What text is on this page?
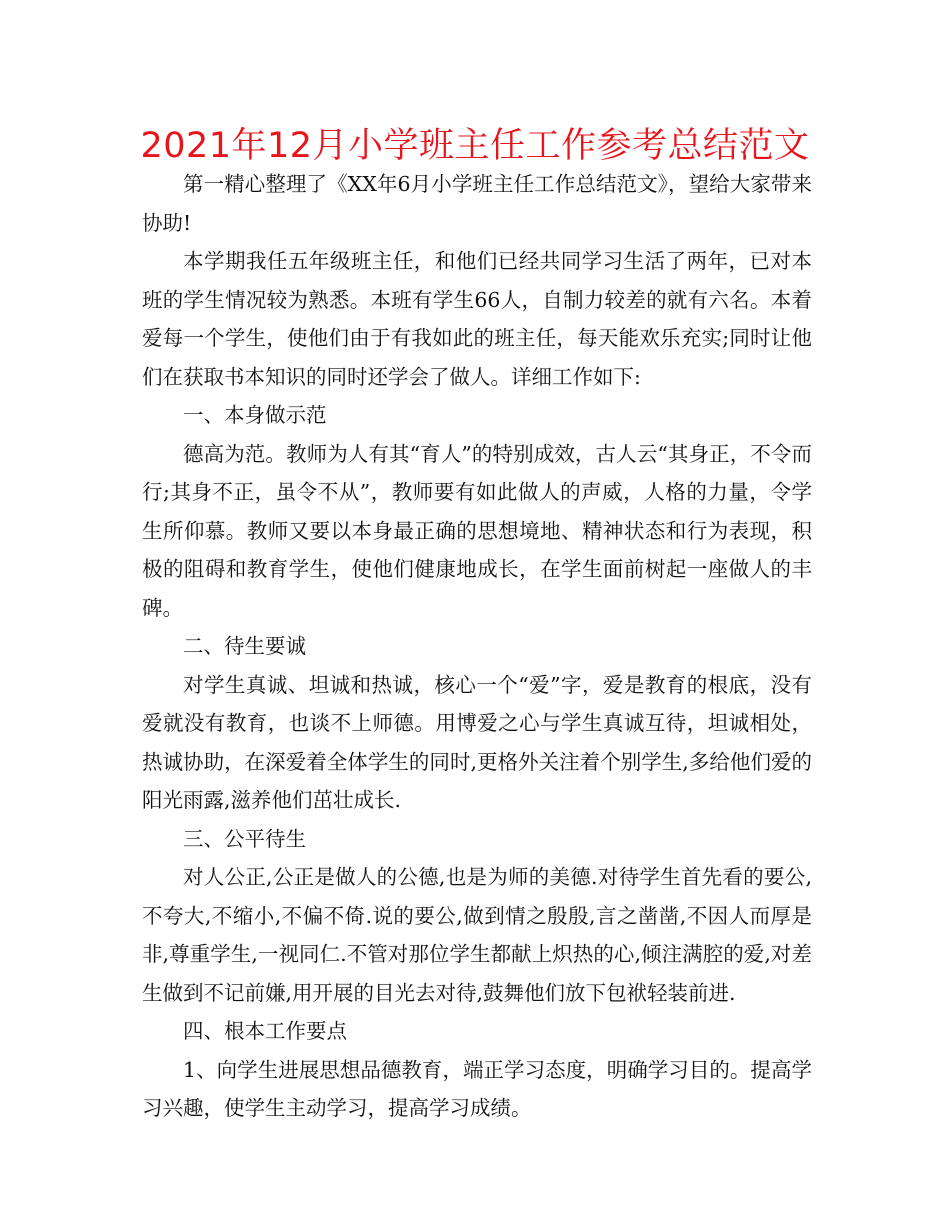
2021年12月小学班主任工作参考总结范文

第一精心整理了《XX年6月小学班主任工作总结范文》，望给大家带来协助!

本学期我任五年级班主任，和他们已经共同学习生活了两年，已对本班的学生情况较为熟悉。本班有学生66人，自制力较差的就有六名。本着爱每一个学生，使他们由于有我如此的班主任，每天能欢乐充实;同时让他们在获取书本知识的同时还学会了做人。详细工作如下:

一、本身做示范

德高为范。教师为人有其“育人”的特别成效，古人云“其身正，不令而行;其身不正，虽令不从”，教师要有如此做人的声威，人格的力量，令学生所仰慕。教师又要以本身最正确的思想境地、精神状态和行为表现，积极的阻碍和教育学生，使他们健康地成长，在学生面前树起一座做人的丰碑。

二、待生要诚

对学生真诚、坦诚和热诚，核心一个“爱”字，爱是教育的根底，没有爱就没有教育，也谈不上师德。用博爱之心与学生真诚互待，坦诚相处，热诚协助，在深爱着全体学生的同时,更格外关注着个别学生,多给他们爱的阳光雨露,滋养他们茁壮成长.

三、公平待生

对人公正,公正是做人的公德,也是为师的美德.对待学生首先看的要公,不夸大,不缩小,不偏不倚.说的要公,做到情之殷殷,言之凿凿,不因人而厚是非,尊重学生,一视同仁.不管对那位学生都献上炽热的心,倾注满腔的爱,对差生做到不记前嫌,用开展的目光去对待,鼓舞他们放下包袱轻装前进.

四、根本工作要点

1、向学生进展思想品德教育，端正学习态度，明确学习目的。提高学习兴趣，使学生主动学习，提高学习成绩。
